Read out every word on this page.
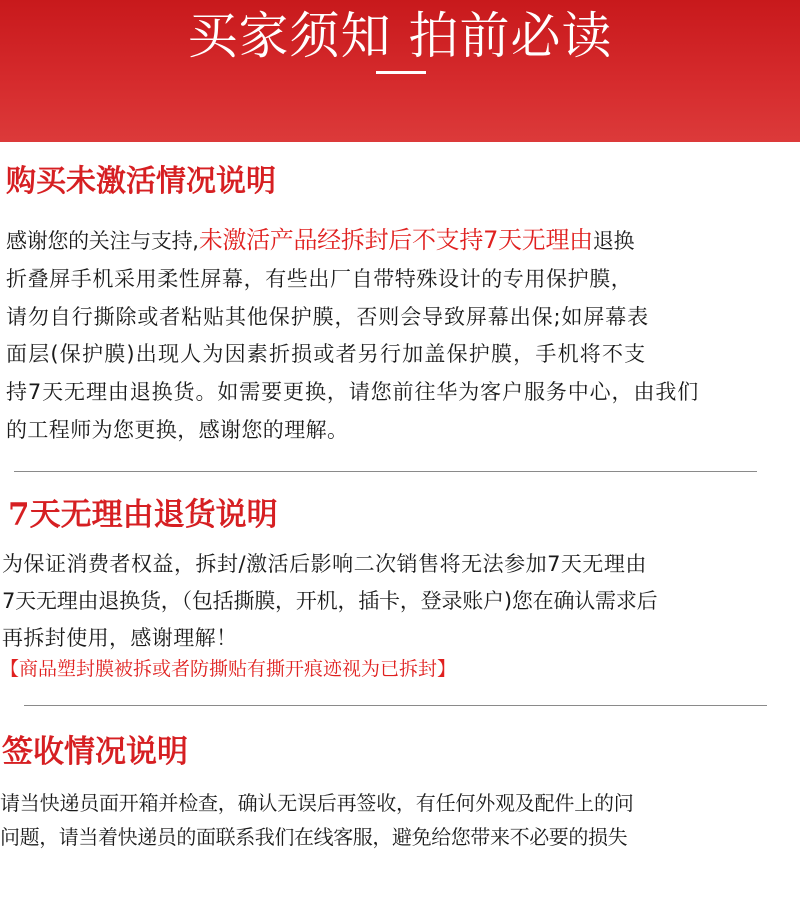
买家须知 拍前必读
购买未激活情况说明
感谢您的关注与支持,未激活产品经拆封后不支持7天无理由退换
折叠屏手机采用柔性屏幕，有些出厂自带特殊设计的专用保护膜，
请勿自行撕除或者粘贴其他保护膜，否则会导致屏幕出保;如屏幕表
面层(保护膜)出现人为因素折损或者另行加盖保护膜，手机将不支
持7天无理由退换货。如需要更换，请您前往华为客户服务中心，由我们
的工程师为您更换，感谢您的理解。
7天无理由退货说明
为保证消费者权益，拆封/激活后影响二次销售将无法参加7天无理由
7天无理由退换货，（包括撕膜，开机，插卡，登录账户)您在确认需求后
再拆封使用，感谢理解！

【商品塑封膜被拆或者防撕贴有撕开痕迹视为已拆封】

签收情况说明
请当快递员面开箱并检查，确认无误后再签收，有任何外观及配件上的问
问题，请当着快递员的面联系我们在线客服，避免给您带来不必要的损失
